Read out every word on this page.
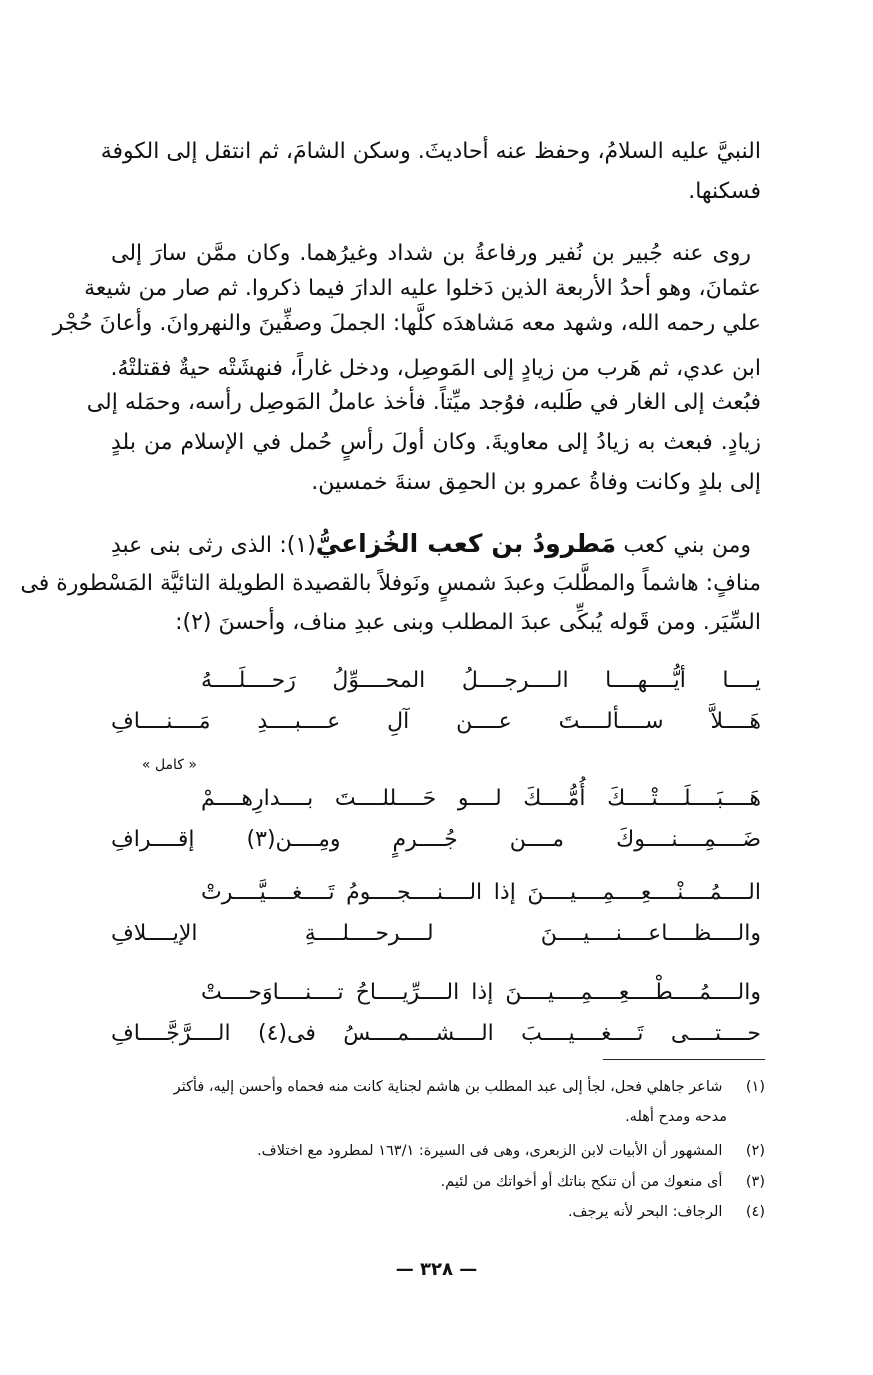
النبيَّ عليه السلامُ، وحفظ عنه أحاديثَ. وسكن الشامَ، ثم انتقل إلى الكوفة
فسكنها.
روى عنه جُبير بن نُفير ورفاعةُ بن شداد وغيرُهما. وكان ممَّن سارَ إلى
عثمانَ، وهو أحدُ الأربعة الذين دَخلوا عليه الدارَ فيما ذكروا. ثم صار من شيعة
علي رحمه الله، وشهد معه مَشاهدَه كلَّها: الجملَ وصفِّينَ والنهروانَ. وأعانَ حُجْر
ابن عدي، ثم هَرب من زيادٍ إلى المَوصِل، ودخل غاراً، فنهشَتْه حيةٌ فقتلتْهُ.
فبُعث إلى الغار في طَلبه، فوُجد ميِّتاً. فأخذ عاملُ المَوصِل رأسه، وحمَله إلى
زيادٍ. فبعث به زيادُ إلى معاويةَ. وكان أولَ رأسٍ حُمل في الإسلام من بلدٍ
إلى بلدٍ وكانت وفاةُ عمرو بن الحمِق سنةَ خمسين.
ومن بني كعب مَطرودُ بن كعب الخُزاعيُّ(١): الذى رثى بنى عبدِ
منافٍ: هاشماً والمطَّلبَ وعبدَ شمسٍ ونَوفلاً بالقصيدة الطويلة التائيَّة المَسْطورة فى
السِّيَر. ومن قَوله يُبكِّى عبدَ المطلب وبنى عبدِ مناف، وأحسنَ (٢):
يــــا أيُّــــهــــا الــــرجــــلُ المحــــوِّلُ رَحــــلَــــهُ
هَــــلاَّ ســــألــــتَ عــــن آلِ عــــبــــدِ مَــــنــــافِ
« كامل »
هَــــبَــــلَــــتْــــكَ أُمُّــــكَ لــــو حَــــللــــتَ بــــدارِهــــمْ
ضَــــمِــــنــــوكَ مــــن جُــــرمٍ ومِــــن(٣) إقــــرافِ
الــــمُــــنْــــعِــــمِــــيــــنَ إذا الــــنــــجــــومُ تَــــغــــيَّــــرتْ
والــــظــــاعــــنــــيــــنَ لــــرحــــلــــةِ الإيــــلافِ
والــــمُــــطْــــعِــــمِــــيــــنَ إذا الــــرِّيــــاحُ تــــنــــاوَحــــتْ
حــــتــــى تَــــغــــيــــبَ الــــشــــمــــسُ فى(٤) الــــرَّجَّــــافِ
(١) شاعر جاهلي فحل، لجأ إلى عبد المطلب بن هاشم لجناية كانت منه فحماه وأحسن إليه، فأكثر
مدحه ومدح أهله.
(٢) المشهور أن الأبيات لابن الزبعرى، وهى فى السيرة: ١٦٣/١ لمطرود مع اختلاف.
(٣) أى منعوك من أن تنكح بناتك أو أخواتك من لئيم.
(٤) الرجاف: البحر لأنه يرجف.
— ٣٢٨ —
